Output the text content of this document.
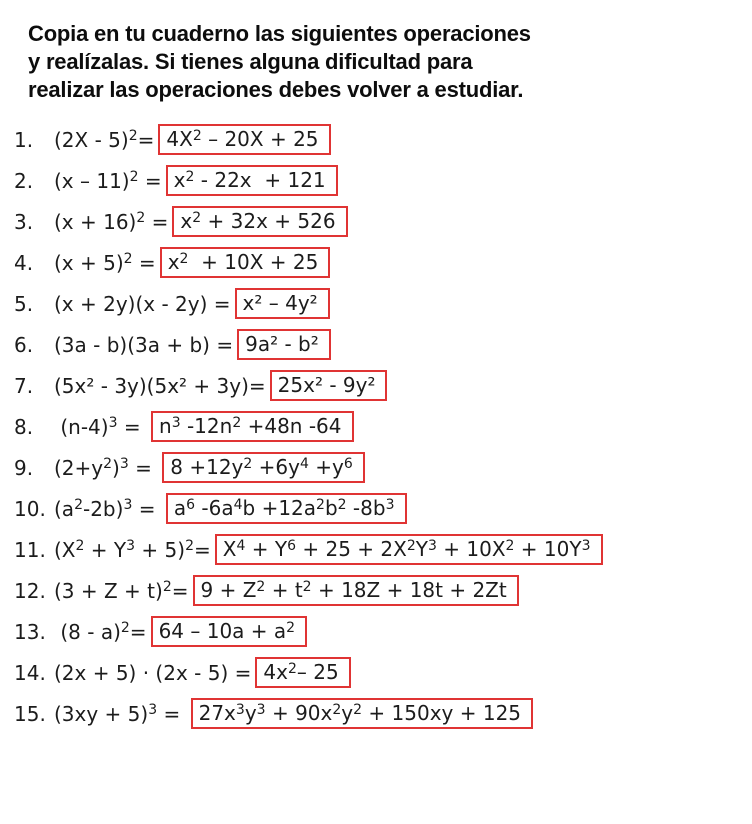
Copia en tu cuaderno las siguientes operaciones
y realízalas. Si tienes alguna dificultad para
realizar las operaciones debes volver a estudiar.
1.	$(2X - 5)^2= 4X^2 - 20X + 25$
2.	$(x - 11)^2 = x^2 - 22x + 121$
3.	$(x + 16)^2 = x^2 + 32x + 526$
4.	$(x + 5)^2 = x^2 + 10X + 25$
5.	(x + 2y)(x - 2y) = x² – 4y²
6.	(3a - b)(3a + b) = 9a² - b²
7.	(5x² - 3y)(5x² + 3y)= 25x² - 9y²
8.	$(n-4)^3 = n^3$ $-12n^2 +48n$ -64
9.	$(2+y^2)^3 = 8 +12y^2 +6y^4 +y^6$
10. $(a^2-2b)^3 = a^6$ $-6a^4b +12a^2b^2$ $-8b^3$
11. $(X^2 + Y^3 + 5)^2= X^4 + Y^6 + 25 + 2X^2Y^3 + 10X^2 + 10Y^3$
12. $(3 + Z + t)^2= 9 + Z^2 + t^2 + 18Z + 18t + 2Zt$
13. $(8 - a)^2= 64 - 10a + a^2$
14. $(2x + 5) \cdot (2x - 5) = 4x^2-$ 25
15. $(3xy + 5)^3 = 27x^3y^3 + 90x^2y^2 + 150xy + 125$
